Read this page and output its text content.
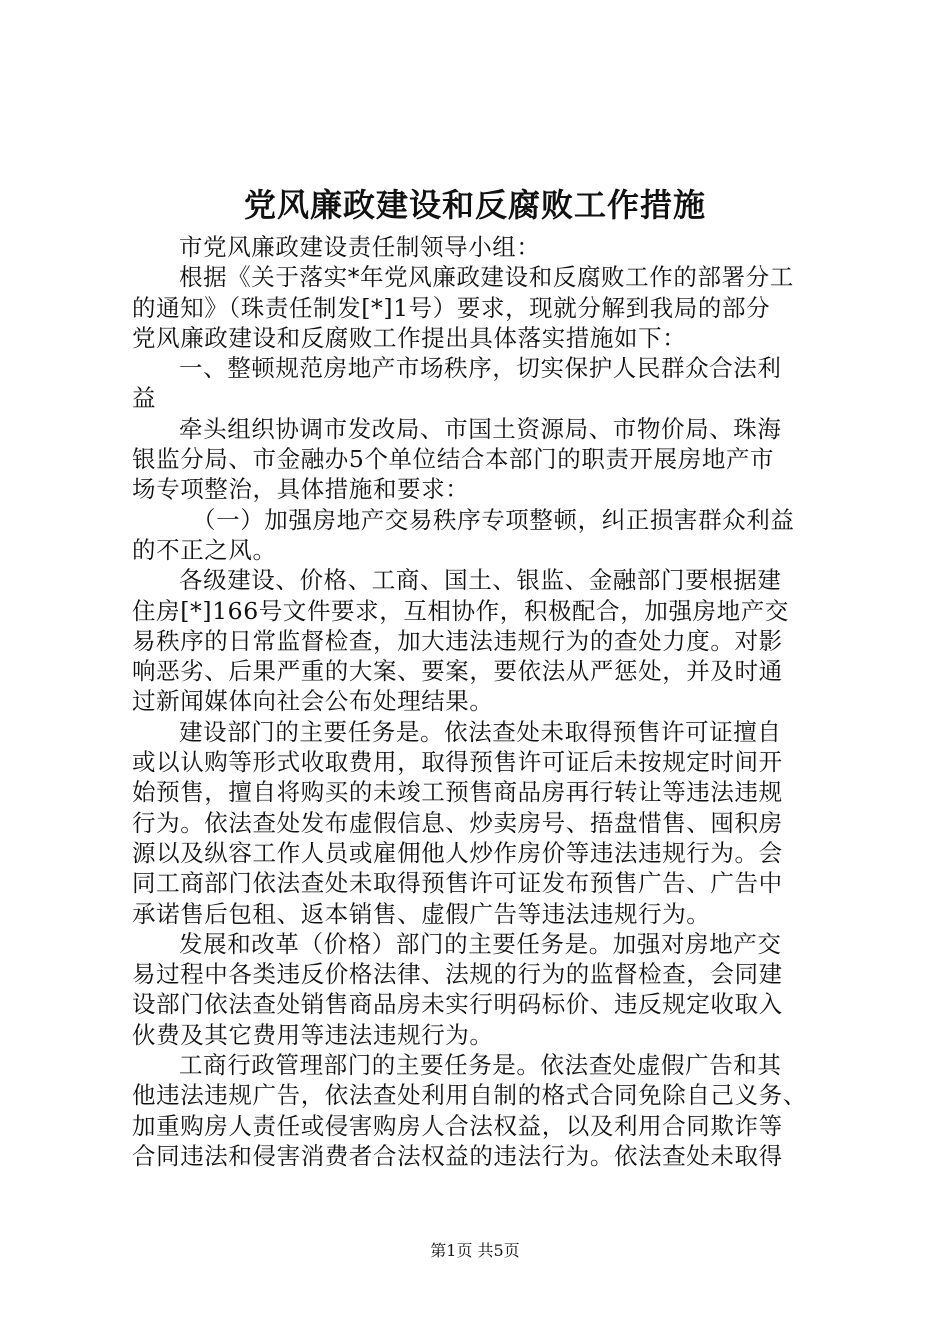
党风廉政建设和反腐败工作措施
市党风廉政建设责任制领导小组：
根据《关于落实*年党风廉政建设和反腐败工作的部署分工
的通知》（珠责任制发[*]1号）要求，现就分解到我局的部分
党风廉政建设和反腐败工作提出具体落实措施如下：
一、整顿规范房地产市场秩序，切实保护人民群众合法利
益
牵头组织协调市发改局、市国土资源局、市物价局、珠海
银监分局、市金融办5个单位结合本部门的职责开展房地产市
场专项整治，具体措施和要求：
（一）加强房地产交易秩序专项整顿，纠正损害群众利益
的不正之风。
各级建设、价格、工商、国土、银监、金融部门要根据建
住房[*]166号文件要求，互相协作，积极配合，加强房地产交
易秩序的日常监督检查，加大违法违规行为的查处力度。对影
响恶劣、后果严重的大案、要案，要依法从严惩处，并及时通
过新闻媒体向社会公布处理结果。
建设部门的主要任务是。依法查处未取得预售许可证擅自
或以认购等形式收取费用，取得预售许可证后未按规定时间开
始预售，擅自将购买的未竣工预售商品房再行转让等违法违规
行为。依法查处发布虚假信息、炒卖房号、捂盘惜售、囤积房
源以及纵容工作人员或雇佣他人炒作房价等违法违规行为。会
同工商部门依法查处未取得预售许可证发布预售广告、广告中
承诺售后包租、返本销售、虚假广告等违法违规行为。
发展和改革（价格）部门的主要任务是。加强对房地产交
易过程中各类违反价格法律、法规的行为的监督检查，会同建
设部门依法查处销售商品房未实行明码标价、违反规定收取入
伙费及其它费用等违法违规行为。
工商行政管理部门的主要任务是。依法查处虚假广告和其
他违法违规广告，依法查处利用自制的格式合同免除自己义务、
加重购房人责任或侵害购房人合法权益，以及利用合同欺诈等
合同违法和侵害消费者合法权益的违法行为。依法查处未取得
第1页 共5页
